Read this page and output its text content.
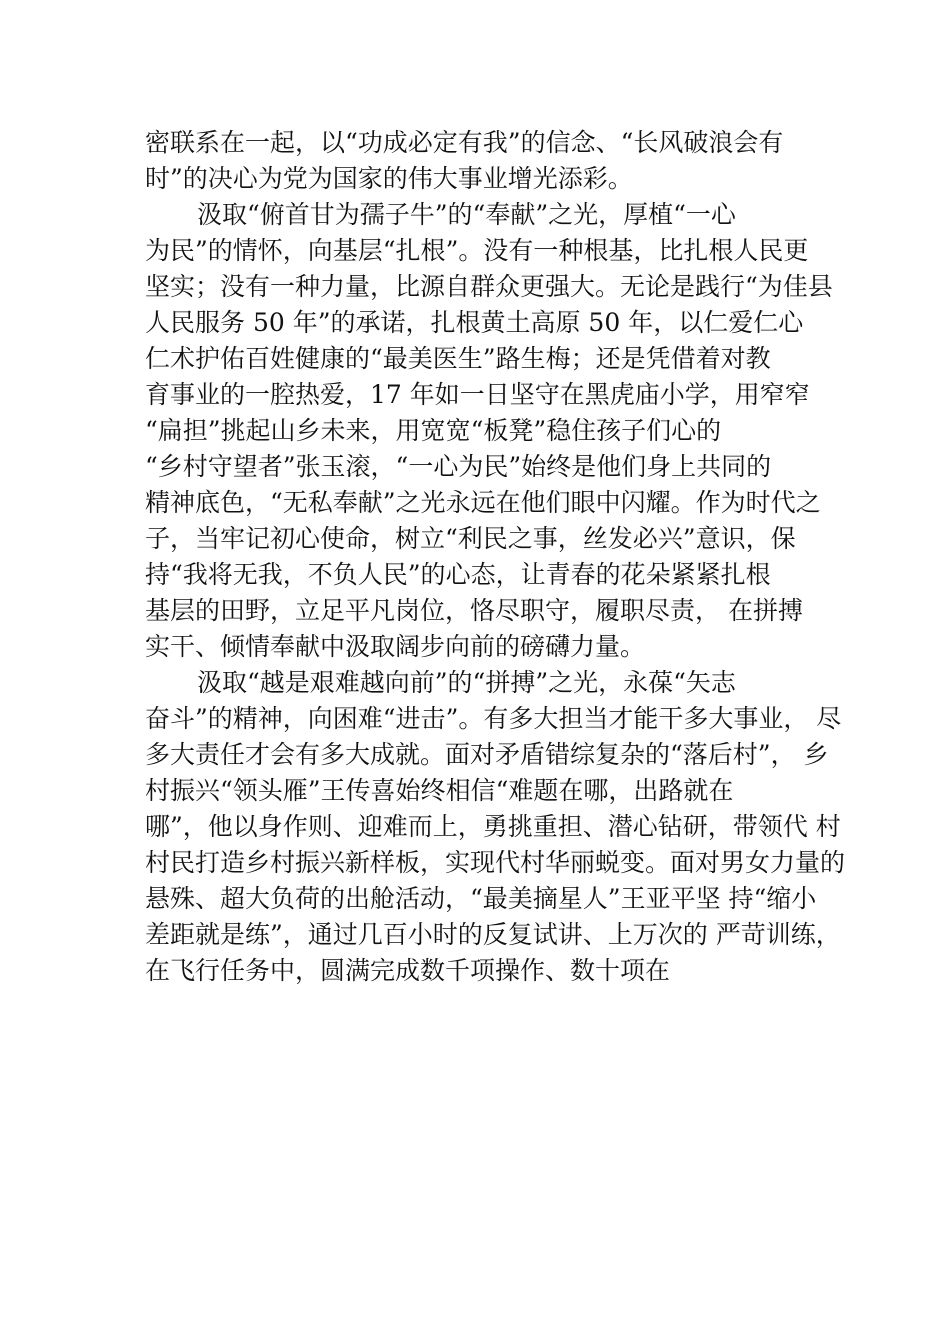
密联系在一起，以“功成必定有我”的信念、“长风破浪会有
时”的决心为党为国家的伟大事业增光添彩。
汲取“俯首甘为孺子牛”的“奉献”之光，厚植“一心
为民”的情怀，向基层“扎根”。没有一种根基，比扎根人民更
坚实；没有一种力量，比源自群众更强大。无论是践行“为佳县
人民服务 50 年”的承诺，扎根黄土高原 50 年，以仁爱仁心
仁术护佑百姓健康的“最美医生”路生梅；还是凭借着对教
育事业的一腔热爱，17 年如一日坚守在黑虎庙小学，用窄窄
“扁担”挑起山乡未来，用宽宽“板凳”稳住孩子们心的
“乡村守望者”张玉滚，“一心为民”始终是他们身上共同的
精神底色，“无私奉献”之光永远在他们眼中闪耀。作为时代之
子，当牢记初心使命，树立“利民之事，丝发必兴”意识，保
持“我将无我，不负人民”的心态，让青春的花朵紧紧扎根
基层的田野，立足平凡岗位，恪尽职守，履职尽责， 在拼搏
实干、倾情奉献中汲取阔步向前的磅礴力量。
汲取“越是艰难越向前”的“拼搏”之光，永葆“矢志
奋斗”的精神，向困难“进击”。有多大担当才能干多大事业， 尽
多大责任才会有多大成就。面对矛盾错综复杂的“落后村”， 乡
村振兴“领头雁”王传喜始终相信“难题在哪，出路就在
哪”，他以身作则、迎难而上，勇挑重担、潜心钻研，带领代 村
村民打造乡村振兴新样板，实现代村华丽蜕变。面对男女力量的
悬殊、超大负荷的出舱活动，“最美摘星人”王亚平坚 持“缩小
差距就是练”，通过几百小时的反复试讲、上万次的 严苛训练，
在飞行任务中，圆满完成数千项操作、数十项在
